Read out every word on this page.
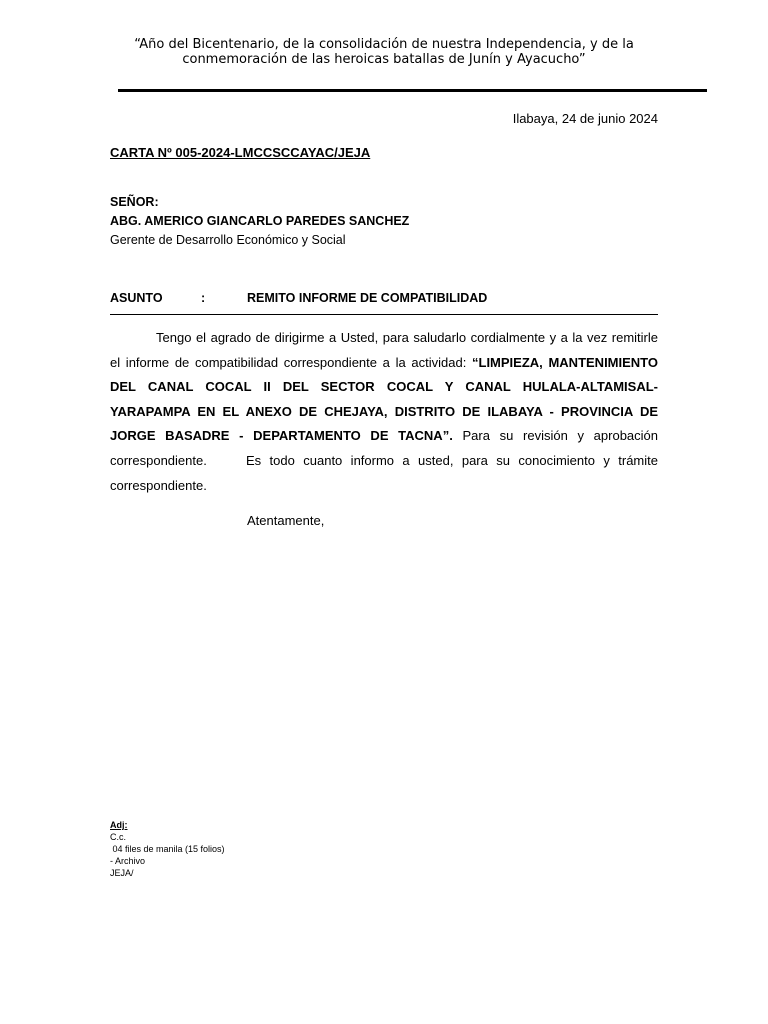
“Año del Bicentenario, de la consolidación de nuestra Independencia, y de la
conmemoración de las heroicas batallas de Junín y Ayacucho”
Ilabaya, 24 de junio 2024
CARTA Nº 005-2024-LMCCSCCAYAC/JEJA
SEÑOR:
ABG. AMERICO GIANCARLO PAREDES SANCHEZ
Gerente de Desarrollo Económico y Social
ASUNTO	:	REMITO INFORME DE COMPATIBILIDAD
Tengo el agrado de dirigirme a Usted, para saludarlo cordialmente y a la vez remitirle el informe de compatibilidad correspondiente a la actividad: “LIMPIEZA, MANTENIMIENTO DEL CANAL COCAL II DEL SECTOR COCAL Y CANAL HULALA-ALTAMISAL-YARAPAMPA EN EL ANEXO DE CHEJAYA, DISTRITO DE ILABAYA - PROVINCIA DE JORGE BASADRE - DEPARTAMENTO DE TACNA”. Para su revisión y aprobación correspondiente.	Es todo cuanto informo a usted, para su conocimiento y trámite correspondiente.
Atentamente,
Adj:
C.c.
04 files de manila (15 folios)
- Archivo
JEJA/
